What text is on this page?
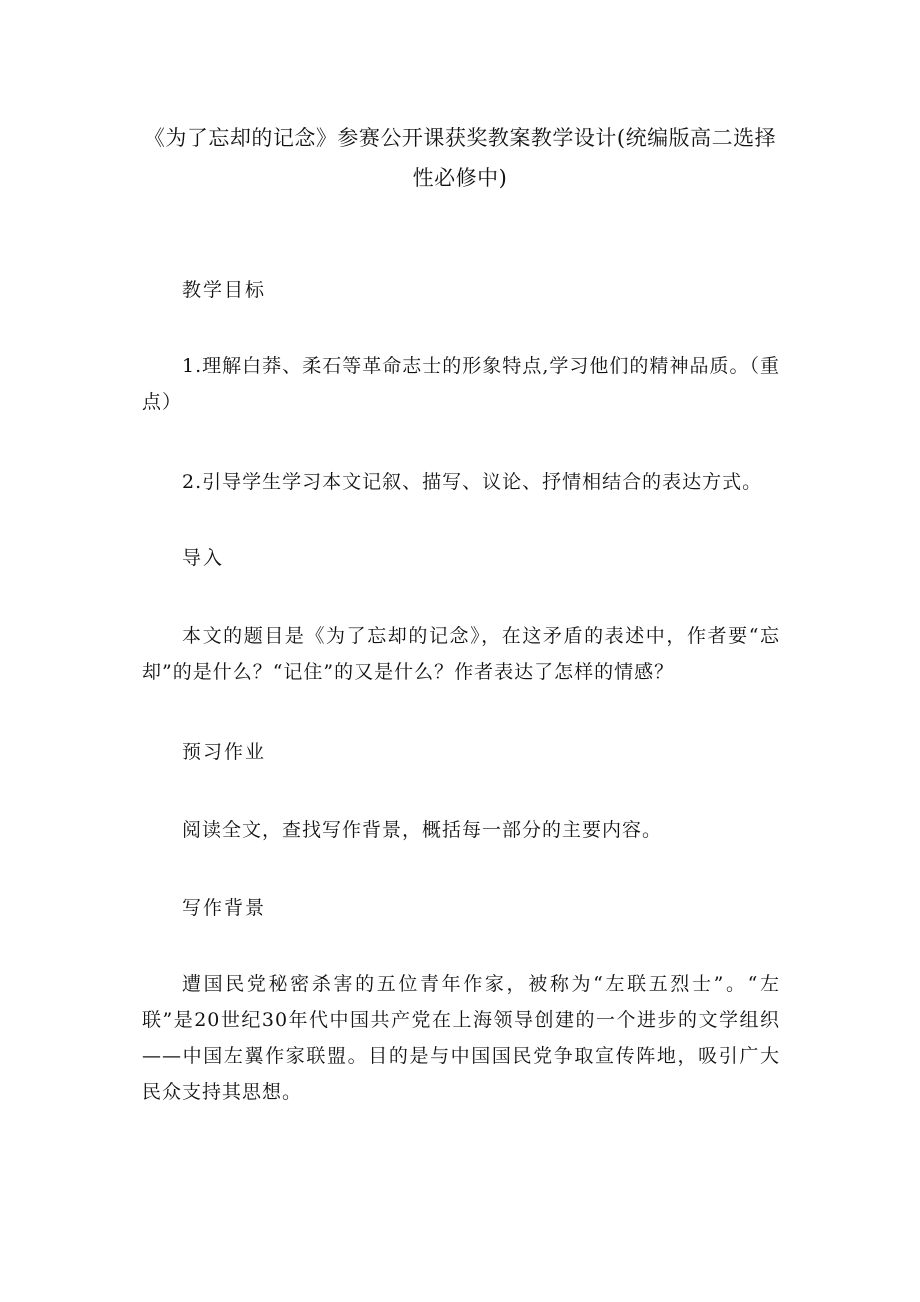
《为了忘却的记念》参赛公开课获奖教案教学设计(统编版高二选择
性必修中)

教学目标

1.理解白莽、柔石等革命志士的形象特点,学习他们的精神品质。（重点）

2.引导学生学习本文记叙、描写、议论、抒情相结合的表达方式。

导入

本文的题目是《为了忘却的记念》，在这矛盾的表述中，作者要“忘却”的是什么？“记住”的又是什么？作者表达了怎样的情感？

预习作业

阅读全文，查找写作背景，概括每一部分的主要内容。

写作背景

遭国民党秘密杀害的五位青年作家，被称为“左联五烈士”。“左联”是20世纪30年代中国共产党在上海领导创建的一个进步的文学组织——中国左翼作家联盟。目的是与中国国民党争取宣传阵地，吸引广大民众支持其思想。
